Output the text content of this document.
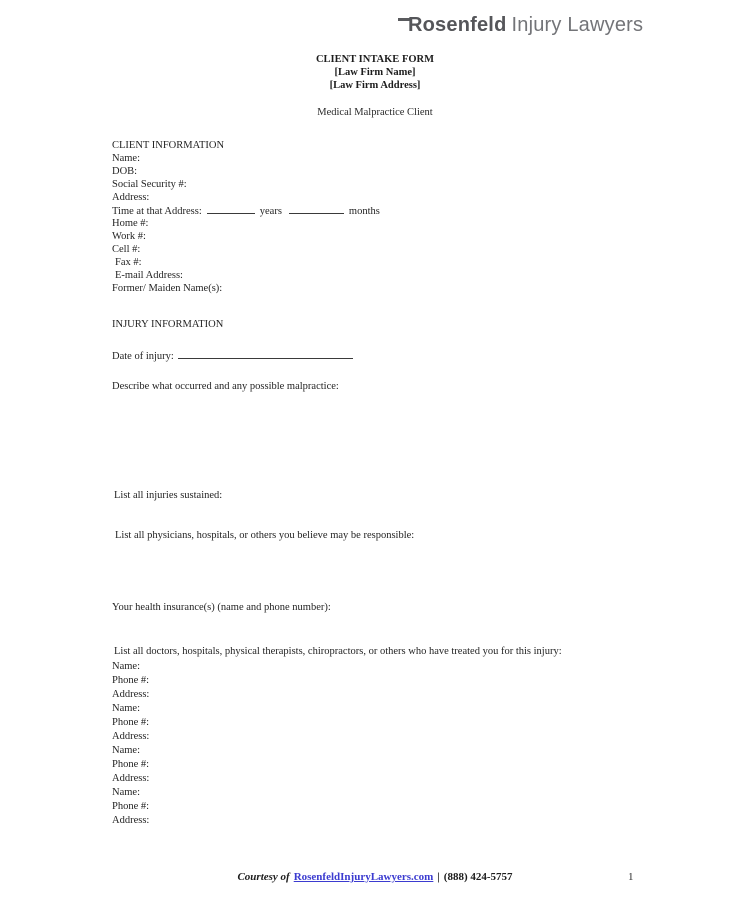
Rosenfeld Injury Lawyers
CLIENT INTAKE FORM
[Law Firm Name]
[Law Firm Address]
Medical Malpractice Client
CLIENT INFORMATION
Name:
DOB:
Social Security #:
Address:
Time at that Address:	years	months
Home #:
Work #:
Cell #:
Fax #:
E-mail Address:
Former/ Maiden Name(s):
INJURY INFORMATION
Date of injury:
Describe what occurred and any possible malpractice:
List all injuries sustained:
List all physicians, hospitals, or others you believe may be responsible:
Your health insurance(s) (name and phone number):
List all doctors, hospitals, physical therapists, chiropractors, or others who have treated you for this injury:
Name:
Phone #:
Address:
Name:
Phone #:
Address:
Name:
Phone #:
Address:
Name:
Phone #:
Address:
Courtesy of RosenfeldInjuryLawyers.com | (888) 424-5757	1
